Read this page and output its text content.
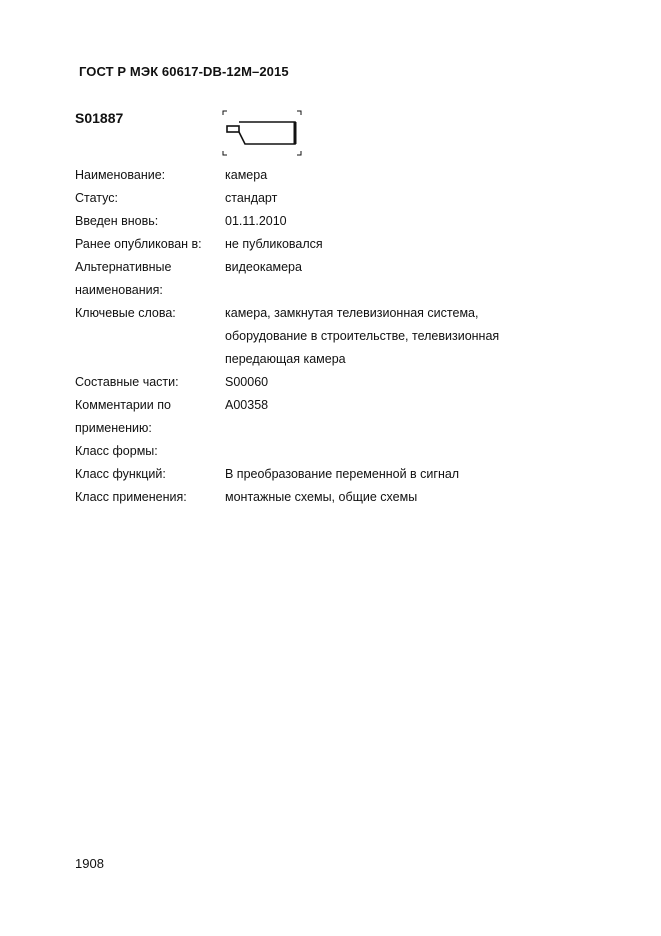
ГОСТ Р МЭК 60617-DB-12M–2015
S01887
Наименование:	камера
Статус:	стандарт
Введен вновь:	01.11.2010
Ранее опубликован в:	не публиковался
Альтернативные	видеокамера
наименования:
Ключевые слова:	камера, замкнутая телевизионная система,
оборудование в строительстве, телевизионная
передающая камера
Составные части:	S00060
Комментарии по	A00358
применению:
Класс формы:
Класс функций:	В преобразование переменной в сигнал
Класс применения:	монтажные схемы, общие схемы
1908
